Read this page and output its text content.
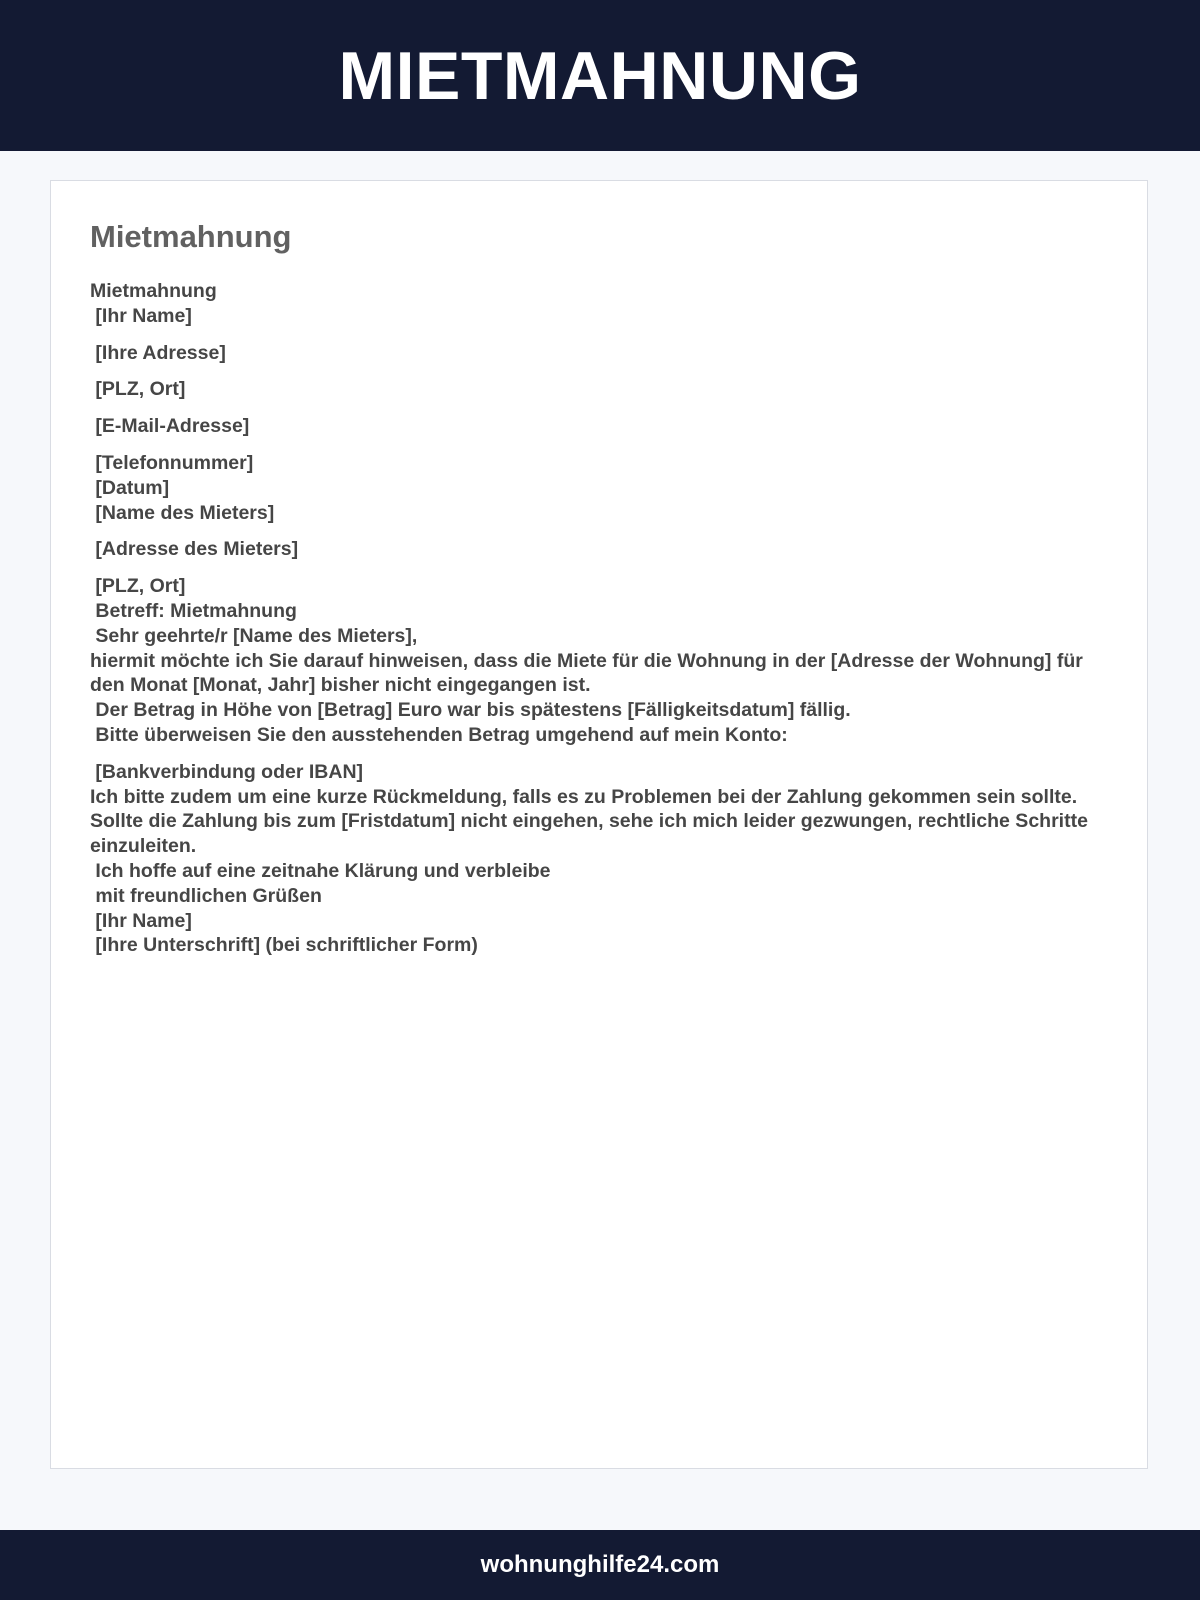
MIETMAHNUNG
Mietmahnung
Mietmahnung
[Ihr Name]
[Ihre Adresse]
[PLZ, Ort]
[E-Mail-Adresse]
[Telefonnummer]
[Datum]
[Name des Mieters]
[Adresse des Mieters]
[PLZ, Ort]
Betreff: Mietmahnung
Sehr geehrte/r [Name des Mieters],
hiermit möchte ich Sie darauf hinweisen, dass die Miete für die Wohnung in der [Adresse der Wohnung] für den Monat [Monat, Jahr] bisher nicht eingegangen ist.
Der Betrag in Höhe von [Betrag] Euro war bis spätestens [Fälligkeitsdatum] fällig.
Bitte überweisen Sie den ausstehenden Betrag umgehend auf mein Konto:
[Bankverbindung oder IBAN]
Ich bitte zudem um eine kurze Rückmeldung, falls es zu Problemen bei der Zahlung gekommen sein sollte.
Sollte die Zahlung bis zum [Fristdatum] nicht eingehen, sehe ich mich leider gezwungen, rechtliche Schritte einzuleiten.
Ich hoffe auf eine zeitnahe Klärung und verbleibe
mit freundlichen Grüßen
[Ihr Name]
[Ihre Unterschrift] (bei schriftlicher Form)
wohnunghilfe24.com
